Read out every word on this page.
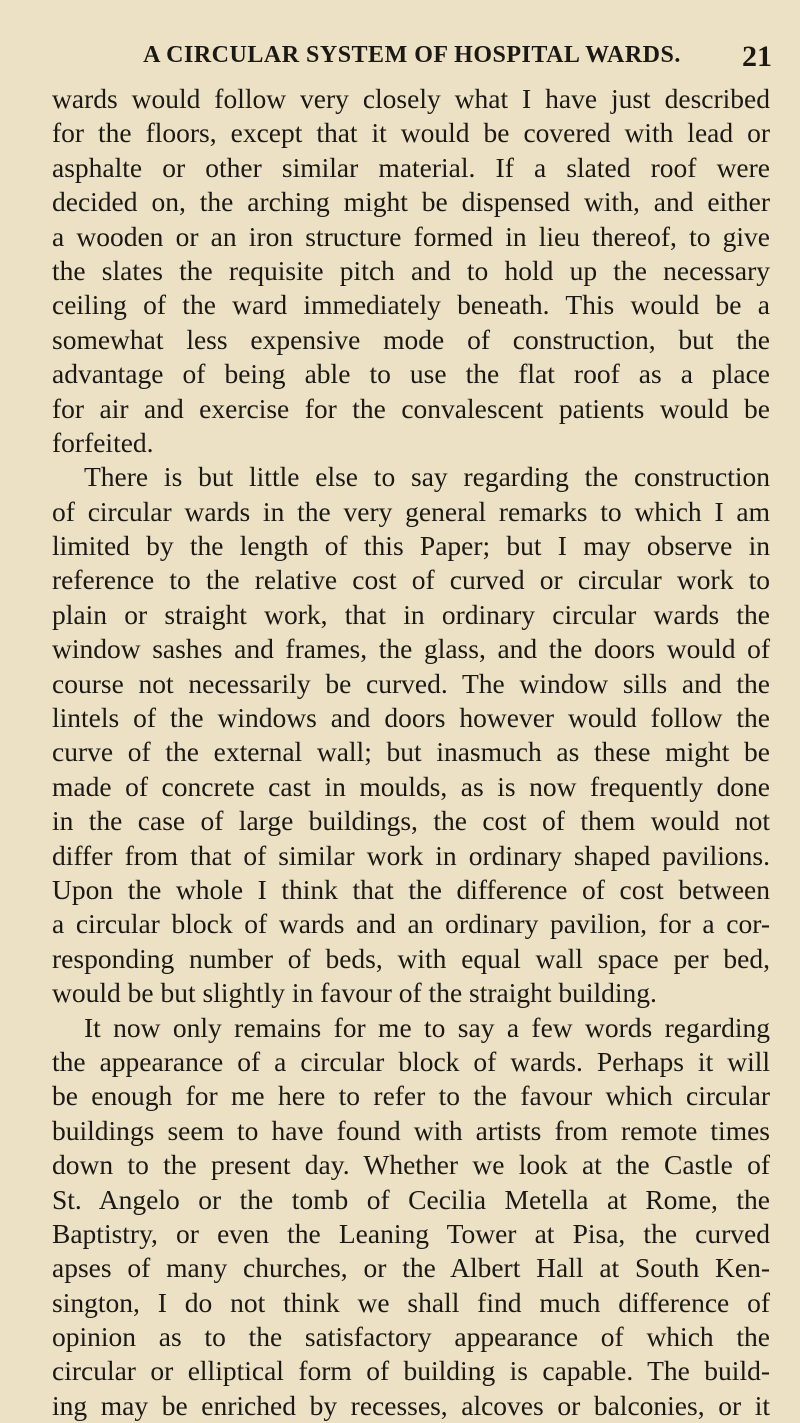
A CIRCULAR SYSTEM OF HOSPITAL WARDS.	21
wards would follow very closely what I have just described
for the floors, except that it would be covered with lead or
asphalte or other similar material. If a slated roof were
decided on, the arching might be dispensed with, and either
a wooden or an iron structure formed in lieu thereof, to give
the slates the requisite pitch and to hold up the necessary
ceiling of the ward immediately beneath. This would be a
somewhat less expensive mode of construction, but the
advantage of being able to use the flat roof as a place
for air and exercise for the convalescent patients would be
forfeited.
There is but little else to say regarding the construction
of circular wards in the very general remarks to which I am
limited by the length of this Paper; but I may observe in
reference to the relative cost of curved or circular work to
plain or straight work, that in ordinary circular wards the
window sashes and frames, the glass, and the doors would of
course not necessarily be curved. The window sills and the
lintels of the windows and doors however would follow the
curve of the external wall; but inasmuch as these might be
made of concrete cast in moulds, as is now frequently done
in the case of large buildings, the cost of them would not
differ from that of similar work in ordinary shaped pavilions.
Upon the whole I think that the difference of cost between
a circular block of wards and an ordinary pavilion, for a cor-
responding number of beds, with equal wall space per bed,
would be but slightly in favour of the straight building.
It now only remains for me to say a few words regarding
the appearance of a circular block of wards. Perhaps it will
be enough for me here to refer to the favour which circular
buildings seem to have found with artists from remote times
down to the present day. Whether we look at the Castle of
St. Angelo or the tomb of Cecilia Metella at Rome, the
Baptistry, or even the Leaning Tower at Pisa, the curved
apses of many churches, or the Albert Hall at South Ken-
sington, I do not think we shall find much difference of
opinion as to the satisfactory appearance of which the
circular or elliptical form of building is capable. The build-
ing may be enriched by recesses, alcoves or balconies, or it
